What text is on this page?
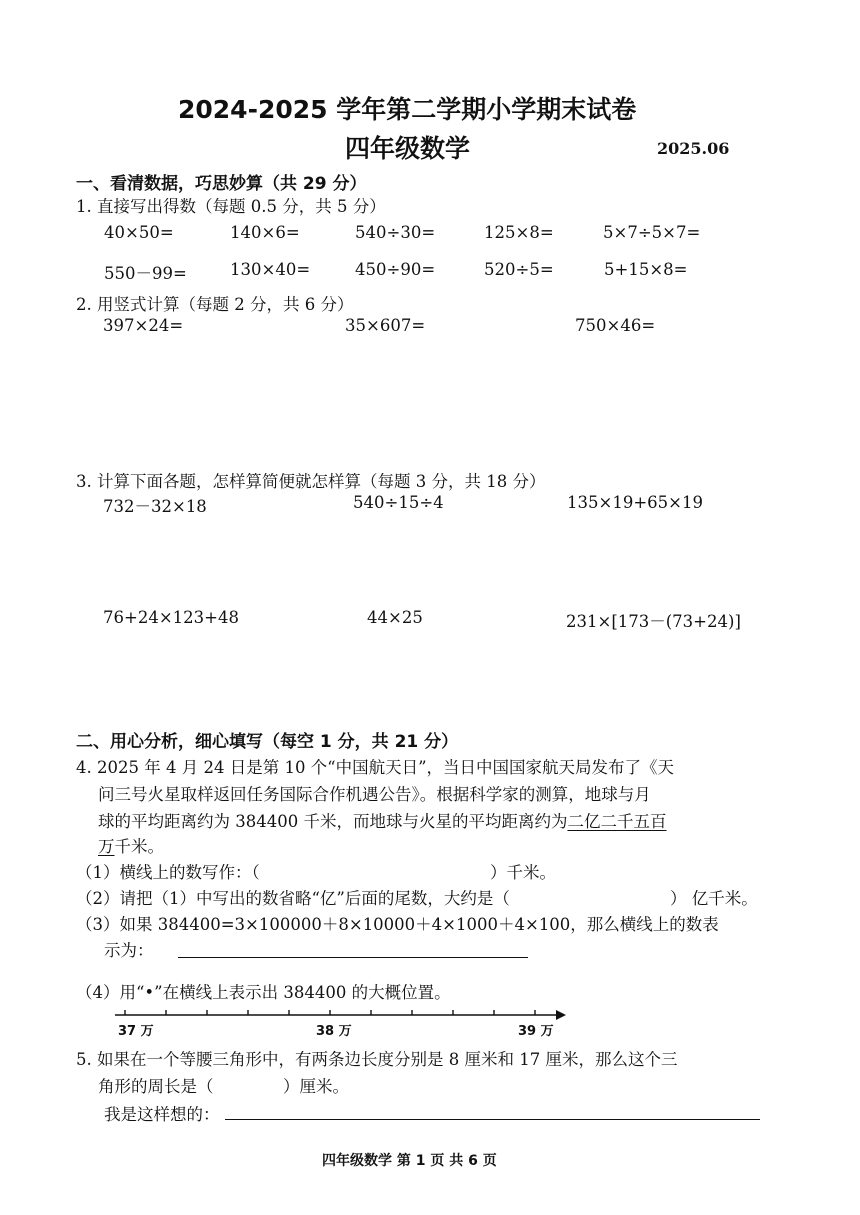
2024-2025 学年第二学期小学期末试卷
四年级数学	2025.06
一、看清数据，巧思妙算（共 29 分）
1. 直接写出得数（每题 0.5 分，共 5 分）
40×50=	140×6=	540÷30=	125×8=	5×7÷5×7=
550－99=	130×40=	450÷90=	520÷5=	5+15×8=
2. 用竖式计算（每题 2 分，共 6 分）
397×24=	35×607=	750×46=
3. 计算下面各题，怎样算简便就怎样算（每题 3 分，共 18 分）
732－32×18	540÷15÷4	135×19+65×19
76+24×123+48	44×25	231×[173－(73+24)]
二、用心分析，细心填写（每空 1 分，共 21 分）
4. 2025 年 4 月 24 日是第 10 个“中国航天日”，当日中国国家航天局发布了《天
问三号火星取样返回任务国际合作机遇公告》。根据科学家的测算，地球与月
球的平均距离约为 384400 千米，而地球与火星的平均距离约为二亿二千五百
万千米。
（1）横线上的数写作：（	）千米。
（2）请把（1）中写出的数省略“亿”后面的尾数，大约是（	） 亿千米。
（3）如果 384400=3×100000＋8×10000＋4×1000＋4×100，那么横线上的数表
示为：
（4）用“•”在横线上表示出 384400 的大概位置。
37 万	38 万	39 万
5. 如果在一个等腰三角形中，有两条边长度分别是 8 厘米和 17 厘米，那么这个三
角形的周长是（	）厘米。
我是这样想的：
四年级数学 第 1 页 共 6 页
